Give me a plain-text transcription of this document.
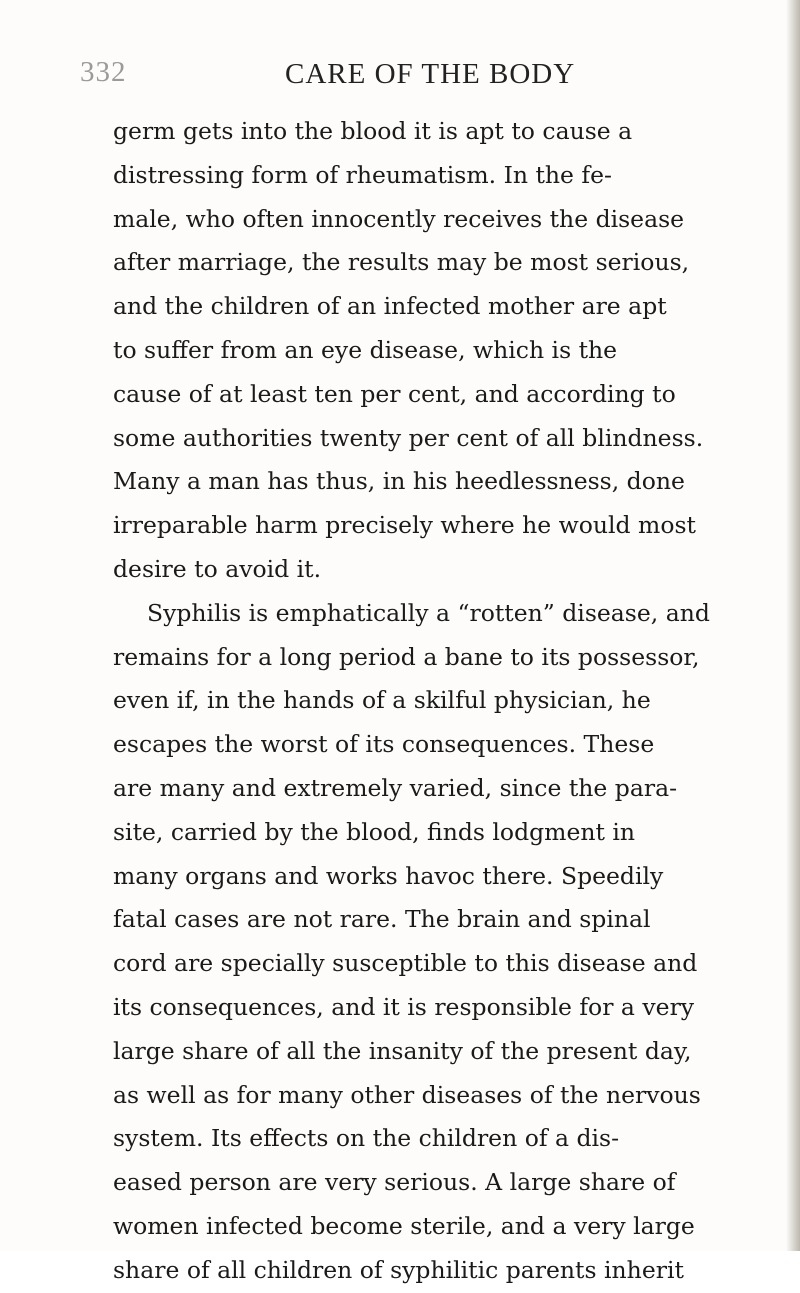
332	CARE OF THE BODY
germ gets into the blood it is apt to cause a
distressing form of rheumatism. In the fe-
male, who often innocently receives the disease
after marriage, the results may be most serious,
and the children of an infected mother are apt
to suffer from an eye disease, which is the
cause of at least ten per cent, and according to
some authorities twenty per cent of all blindness.
Many a man has thus, in his heedlessness, done
irreparable harm precisely where he would most
desire to avoid it.
Syphilis is emphatically a “rotten” disease, and
remains for a long period a bane to its possessor,
even if, in the hands of a skilful physician, he
escapes the worst of its consequences. These
are many and extremely varied, since the para-
site, carried by the blood, finds lodgment in
many organs and works havoc there. Speedily
fatal cases are not rare. The brain and spinal
cord are specially susceptible to this disease and
its consequences, and it is responsible for a very
large share of all the insanity of the present day,
as well as for many other diseases of the nervous
system. Its effects on the children of a dis-
eased person are very serious. A large share of
women infected become sterile, and a very large
share of all children of syphilitic parents inherit
